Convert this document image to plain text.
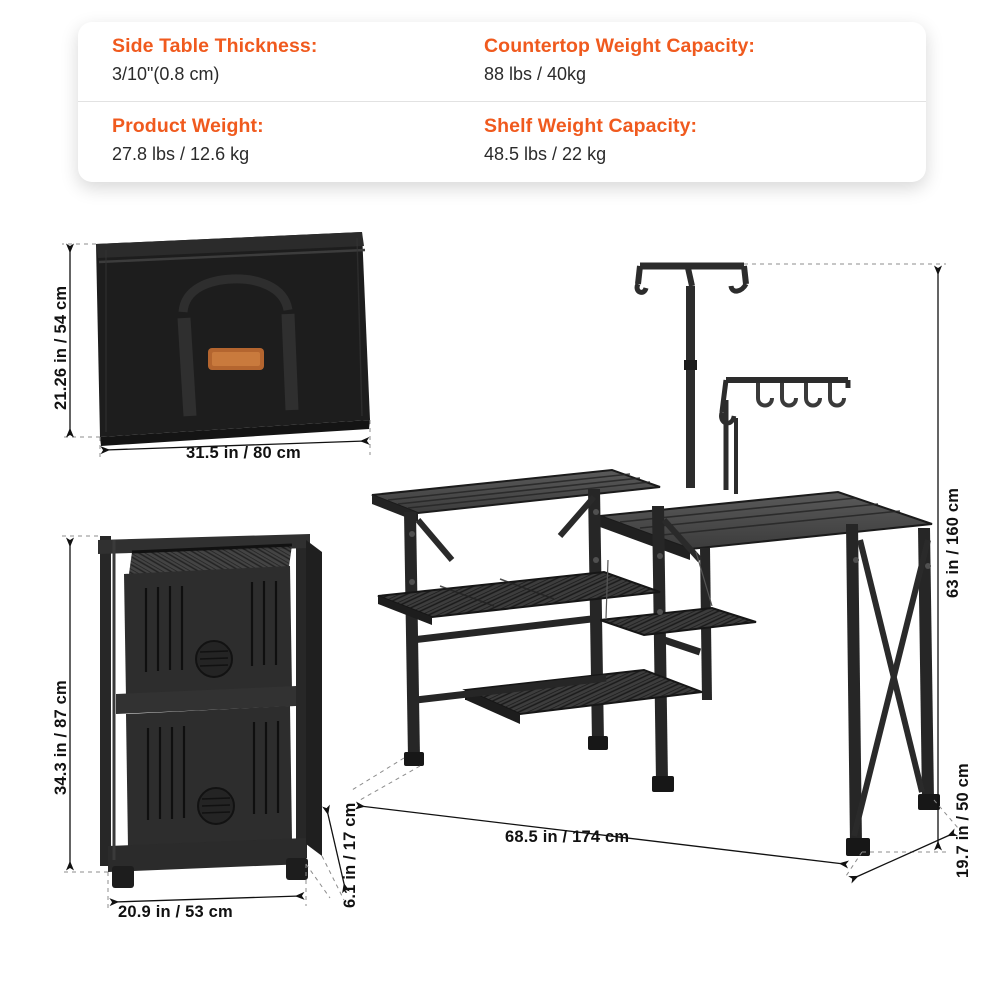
Side Table Thickness:
3/10"(0.8 cm)
Countertop Weight Capacity:
88 lbs / 40kg
Product Weight:
27.8 lbs / 12.6 kg
Shelf Weight Capacity:
48.5 lbs / 22 kg
21.26 in / 54 cm
31.5 in / 80 cm
34.3 in / 87 cm
20.9 in / 53 cm
6.1 in / 17 cm
63 in / 160 cm
68.5 in / 174 cm	19.7 in / 50 cm
